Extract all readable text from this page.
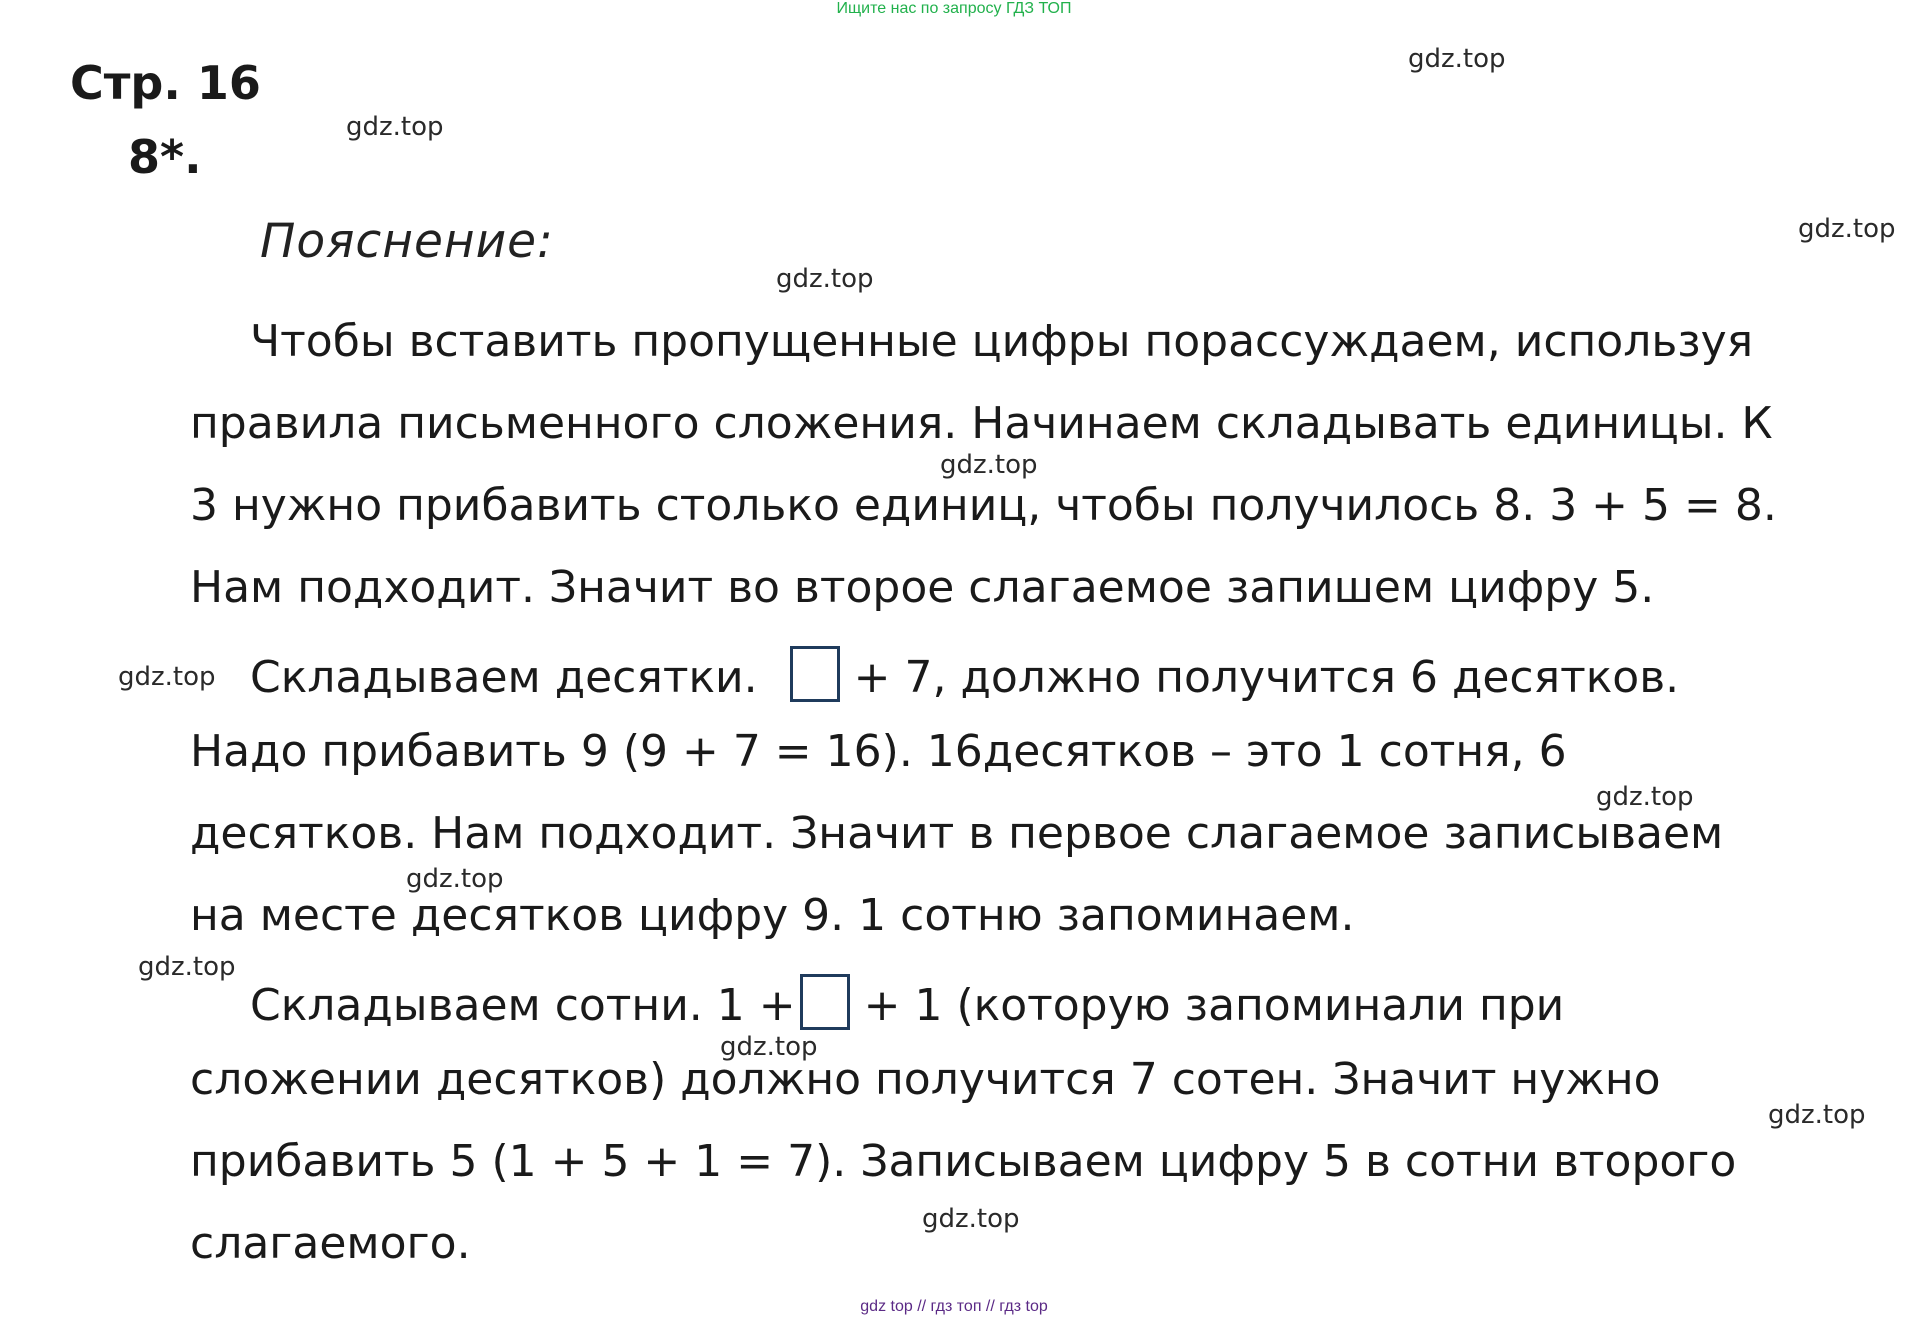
Ищите нас по запросу ГДЗ ТОП
Стр. 16
8*.
Пояснение:
Чтобы вставить пропущенные цифры порассуждаем, используя
правила письменного сложения. Начинаем складывать единицы. К
3 нужно прибавить столько единиц, чтобы получилось 8. 3 + 5 = 8.
Нам подходит. Значит во второе слагаемое запишем цифру 5.
Складываем десятки. + 7, должно получится 6 десятков.
Надо прибавить 9 (9 + 7 = 16). 16десятков – это 1 сотня, 6
десятков. Нам подходит. Значит в первое слагаемое записываем
на месте десятков цифру 9. 1 сотню запоминаем.
Складываем сотни. 1 + + 1 (которую запоминали при
сложении десятков) должно получится 7 сотен. Значит нужно
прибавить 5 (1 + 5 + 1 = 7). Записываем цифру 5 в сотни второго
слагаемого.
gdz.top
gdz.top
gdz.top
gdz.top
gdz.top
gdz.top
gdz.top
gdz.top
gdz.top
gdz.top
gdz.top
gdz.top
gdz top // гдз топ // гдз top
